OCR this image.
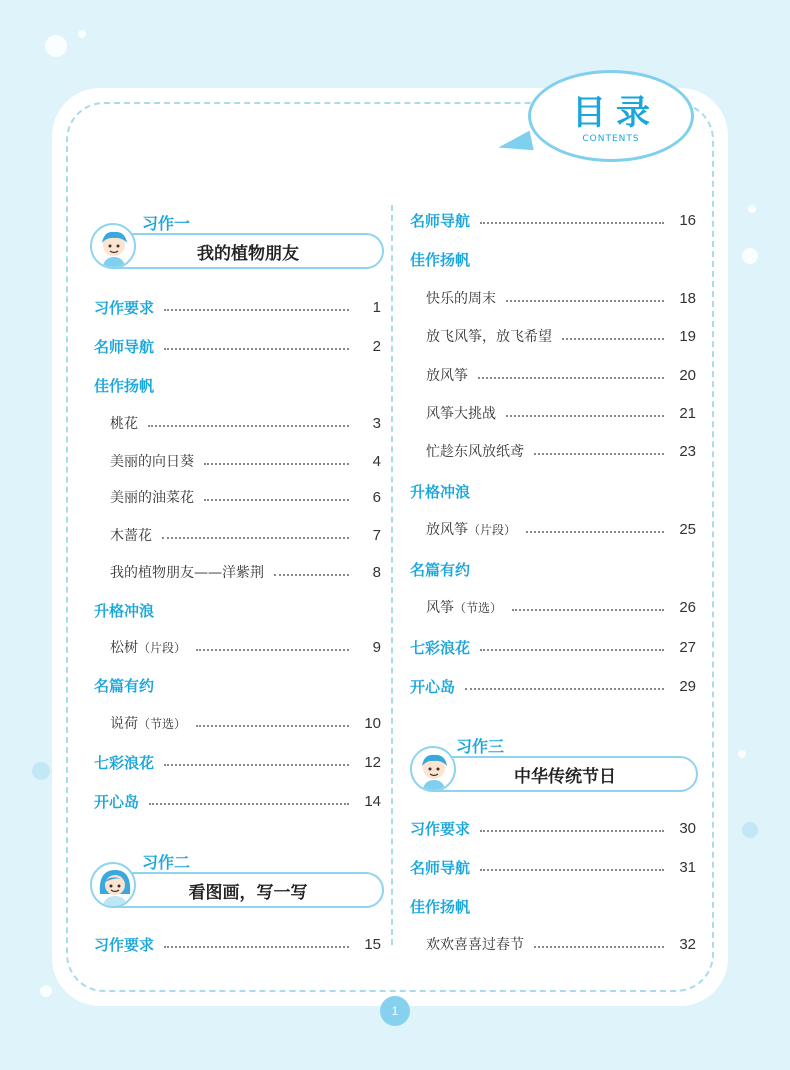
目录
CONTENTS
习作一
我的植物朋友
习作要求	1
名师导航	2
佳作扬帆
桃花	3
美丽的向日葵	4
美丽的油菜花	6
木蔷花	7
我的植物朋友——洋紫荆	8
升格冲浪
松树（片段）	9
名篇有约
说荷（节选）	10
七彩浪花	12
开心岛	14
习作二
看图画，写一写
习作要求	15
名师导航	16
佳作扬帆
快乐的周末	18
放飞风筝，放飞希望	19
放风筝	20
风筝大挑战	21
忙趁东风放纸鸢	23
升格冲浪
放风筝（片段）	25
名篇有约
风筝（节选）	26
七彩浪花	27
开心岛	29
习作三
中华传统节日
习作要求	30
名师导航	31
佳作扬帆
欢欢喜喜过春节	32
1
